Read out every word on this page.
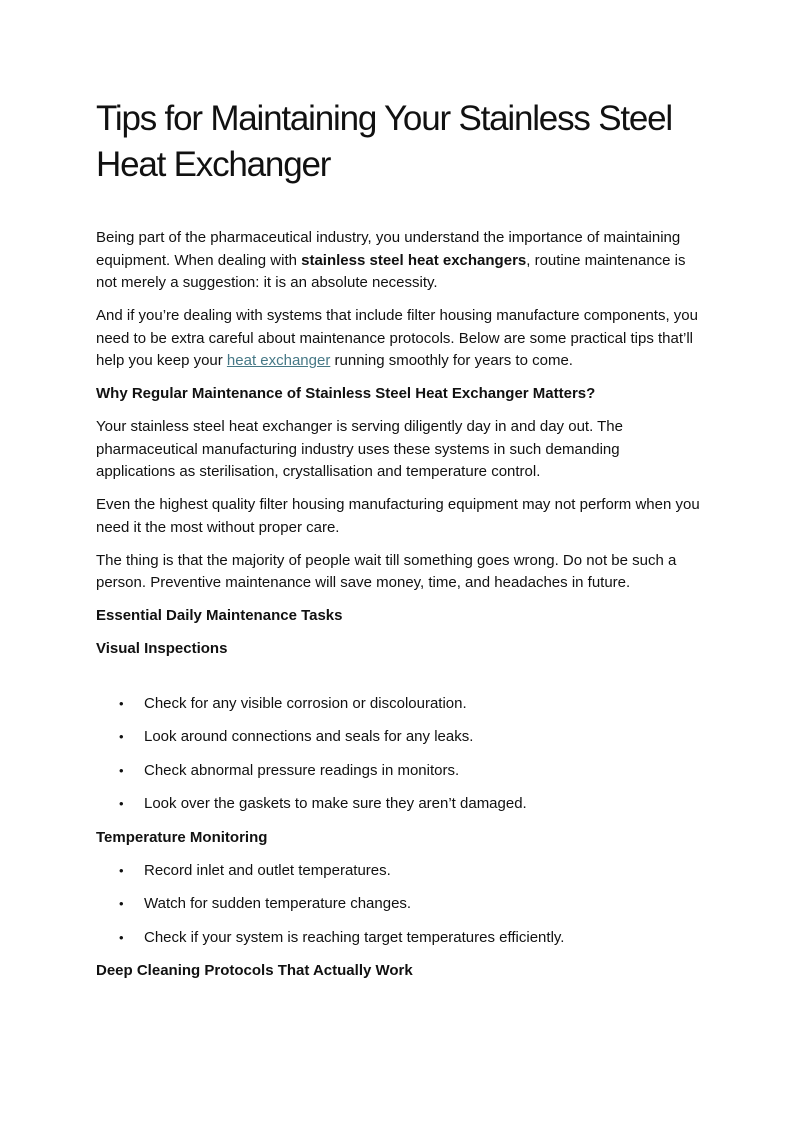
Tips for Maintaining Your Stainless Steel Heat Exchanger

Being part of the pharmaceutical industry, you understand the importance of maintaining equipment. When dealing with stainless steel heat exchangers, routine maintenance is not merely a suggestion: it is an absolute necessity.

And if you’re dealing with systems that include filter housing manufacture components, you need to be extra careful about maintenance protocols. Below are some practical tips that’ll help you keep your heat exchanger running smoothly for years to come.

Why Regular Maintenance of Stainless Steel Heat Exchanger Matters?

Your stainless steel heat exchanger is serving diligently day in and day out. The pharmaceutical manufacturing industry uses these systems in such demanding applications as sterilisation, crystallisation and temperature control.

Even the highest quality filter housing manufacturing equipment may not perform when you need it the most without proper care.

The thing is that the majority of people wait till something goes wrong. Do not be such a person. Preventive maintenance will save money, time, and headaches in future.

Essential Daily Maintenance Tasks
Visual Inspections
• Check for any visible corrosion or discolouration.
• Look around connections and seals for any leaks.
• Check abnormal pressure readings in monitors.
• Look over the gaskets to make sure they aren’t damaged.
Temperature Monitoring
• Record inlet and outlet temperatures.
• Watch for sudden temperature changes.
• Check if your system is reaching target temperatures efficiently.
Deep Cleaning Protocols That Actually Work
